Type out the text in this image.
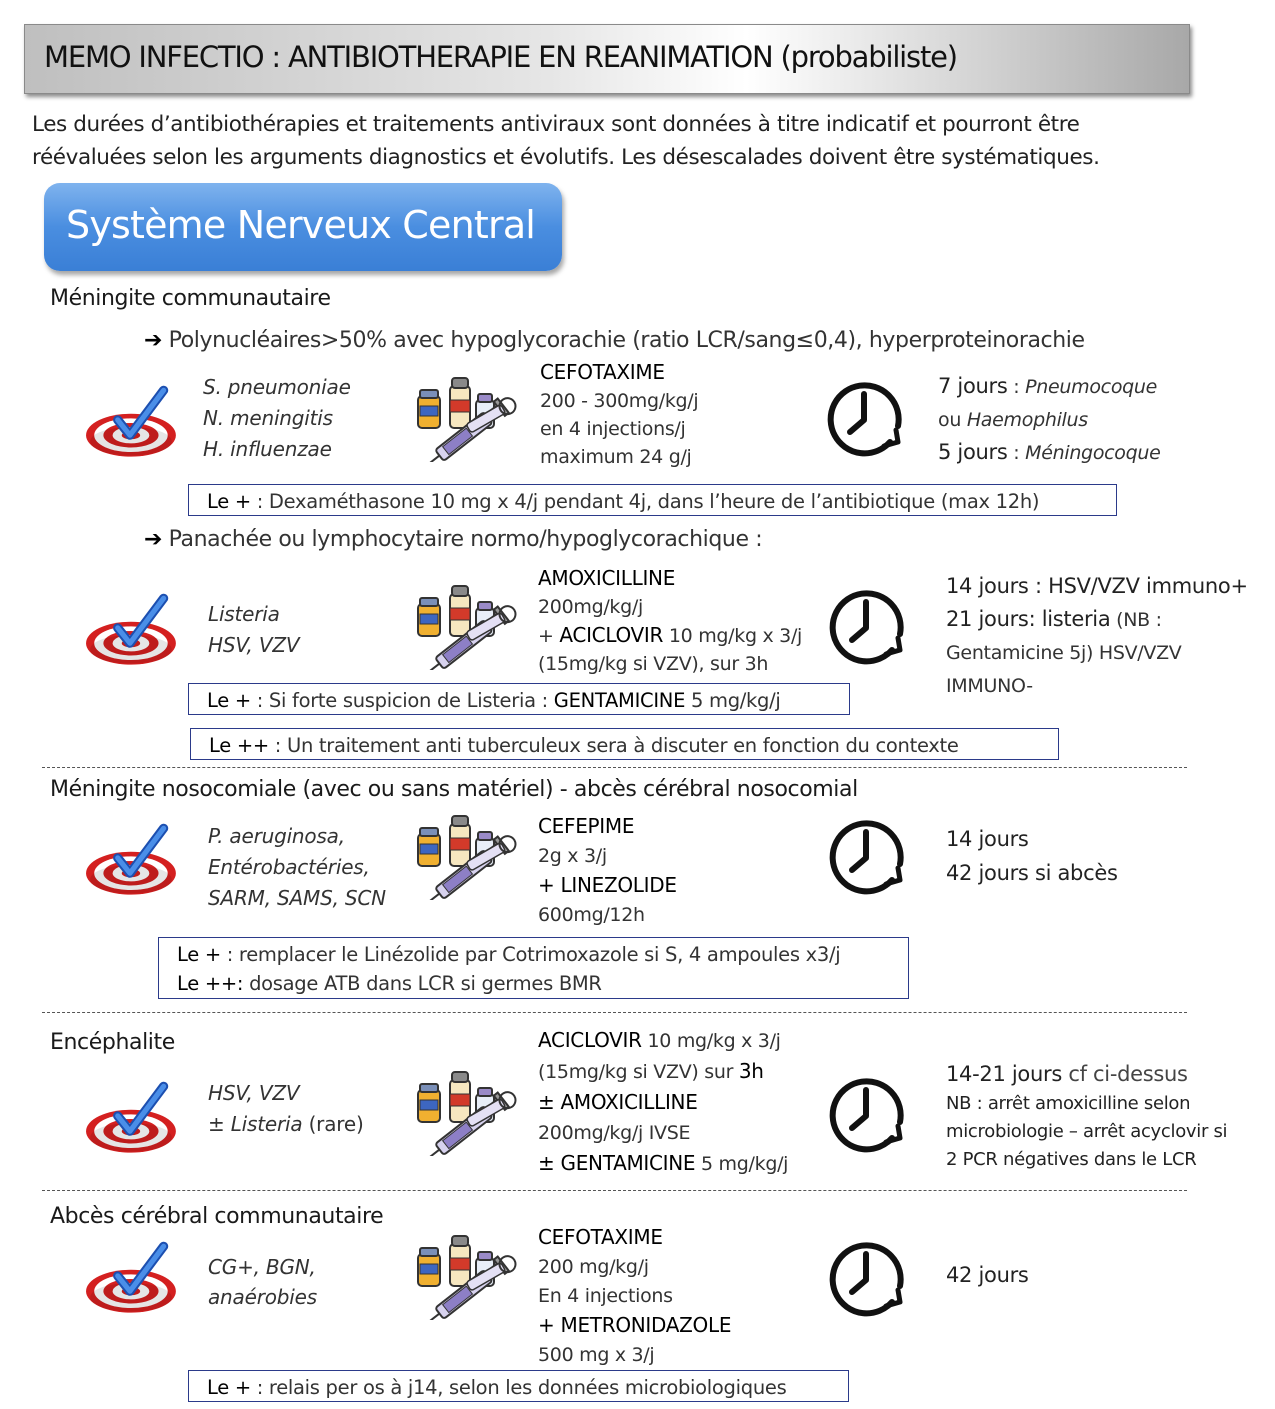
MEMO INFECTIO : ANTIBIOTHERAPIE EN REANIMATION (probabiliste)
Les durées d’antibiothérapies et traitements antiviraux sont données à titre indicatif et pourront être
réévaluées selon les arguments diagnostics et évolutifs. Les désescalades doivent être systématiques.
Système Nerveux Central
Méningite communautaire
➔ Polynucléaires>50% avec hypoglycorachie (ratio LCR/sang≤0,4), hyperproteinorachie
S. pneumoniae
N. meningitis
H. influenzae
CEFOTAXIME
200 - 300mg/kg/j
en 4 injections/j
maximum 24 g/j
7 jours : Pneumocoque
ou Haemophilus
5 jours : Méningocoque
Le + : Dexaméthasone 10 mg x 4/j pendant 4j, dans l’heure de l’antibiotique (max 12h)
➔ Panachée ou lymphocytaire normo/hypoglycorachique :
Listeria
HSV, VZV
AMOXICILLINE
200mg/kg/j
+ ACICLOVIR 10 mg/kg x 3/j
(15mg/kg si VZV), sur 3h
14 jours : HSV/VZV immuno+
21 jours: listeria (NB :
Gentamicine 5j) HSV/VZV
IMMUNO-
Le + : Si forte suspicion de Listeria : GENTAMICINE 5 mg/kg/j
Le ++ : Un traitement anti tuberculeux sera à discuter en fonction du contexte
Méningite nosocomiale (avec ou sans matériel) - abcès cérébral nosocomial
P. aeruginosa,
Entérobactéries,
SARM, SAMS, SCN
CEFEPIME
2g x 3/j
+ LINEZOLIDE
600mg/12h
14 jours
42 jours si abcès
Le + : remplacer le Linézolide par Cotrimoxazole si S, 4 ampoules x3/j
Le ++: dosage ATB dans LCR si germes BMR
Encéphalite
HSV, VZV
± Listeria (rare)
ACICLOVIR 10 mg/kg x 3/j
(15mg/kg si VZV) sur 3h
± AMOXICILLINE
200mg/kg/j IVSE
± GENTAMICINE 5 mg/kg/j
14-21 jours cf ci-dessus
NB : arrêt amoxicilline selon
microbiologie – arrêt acyclovir si
2 PCR négatives dans le LCR
Abcès cérébral communautaire
CG+, BGN,
anaérobies
CEFOTAXIME
200 mg/kg/j
En 4 injections
+ METRONIDAZOLE
500 mg x 3/j
42 jours
Le + : relais per os à j14, selon les données microbiologiques
